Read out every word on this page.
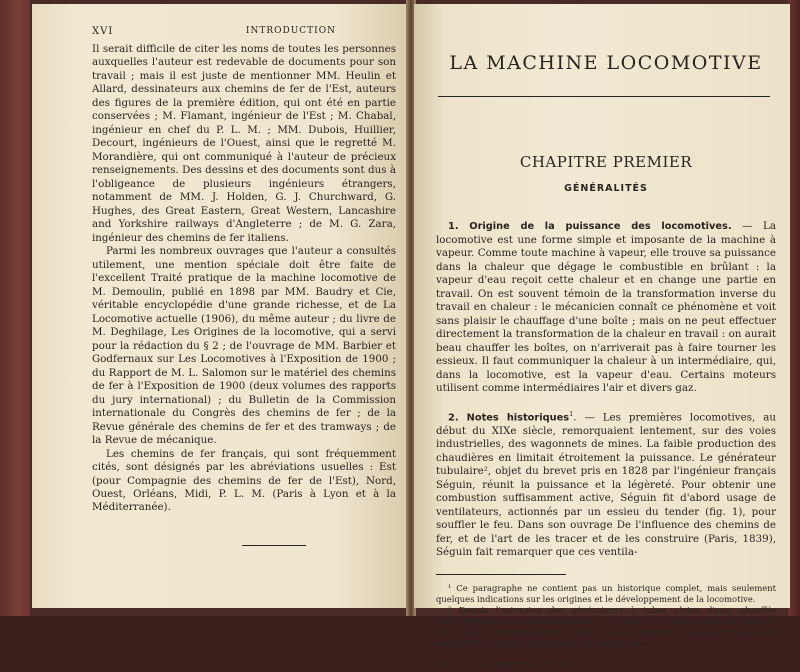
XVI	INTRODUCTION

Il serait difficile de citer les noms de toutes les personnes auxquelles l'auteur est redevable de documents pour son travail ; mais il est juste de mentionner MM. Heulin et Allard, dessinateurs aux chemins de fer de l'Est, auteurs des figures de la première édition, qui ont été en partie conservées ; M. Flamant, ingénieur de l'Est ; M. Chabal, ingénieur en chef du P. L. M. ; MM. Dubois, Huillier, Decourt, ingénieurs de l'Ouest, ainsi que le regretté M. Morandière, qui ont communiqué à l'auteur de précieux renseignements. Des dessins et des documents sont dus à l'obligeance de plusieurs ingénieurs étrangers, notamment de MM. J. Holden, G. J. Churchward, G. Hughes, des Great Eastern, Great Western, Lancashire and Yorkshire railways d'Angleterre ; de M. G. Zara, ingénieur des chemins de fer italiens.

Parmi les nombreux ouvrages que l'auteur a consultés utilement, une mention spéciale doit être faite de l'excellent Traité pratique de la machine locomotive de M. Demoulin, publié en 1898 par MM. Baudry et Cie, véritable encyclopédie d'une grande richesse, et de La Locomotive actuelle (1906), du même auteur ; du livre de M. Deghilage, Les Origines de la locomotive, qui a servi pour la rédaction du § 2 ; de l'ouvrage de MM. Barbier et Godfernaux sur Les Locomotives à l'Exposition de 1900 ; du Rapport de M. L. Salomon sur le matériel des chemins de fer à l'Exposition de 1900 (deux volumes des rapports du jury international) ; du Bulletin de la Commission internationale du Congrès des chemins de fer ; de la Revue générale des chemins de fer et des tramways ; de la Revue de mécanique.

Les chemins de fer français, qui sont fréquemment cités, sont désignés par les abréviations usuelles : Est (pour Compagnie des chemins de fer de l'Est), Nord, Ouest, Orléans, Midi, P. L. M. (Paris à Lyon et à la Méditerranée).

LA MACHINE LOCOMOTIVE
CHAPITRE PREMIER
GÉNÉRALITÉS

1. Origine de la puissance des locomotives. — La locomotive est une forme simple et imposante de la machine à vapeur. Comme toute machine à vapeur, elle trouve sa puissance dans la chaleur que dégage le combustible en brûlant : la vapeur d'eau reçoit cette chaleur et en change une partie en travail. On est souvent témoin de la transformation inverse du travail en chaleur : le mécanicien connaît ce phénomène et voit sans plaisir le chauffage d'une boîte ; mais on ne peut effectuer directement la transformation de la chaleur en travail : on aurait beau chauffer les boîtes, on n'arriverait pas à faire tourner les essieux. Il faut communiquer la chaleur à un intermédiaire, qui, dans la locomotive, est la vapeur d'eau. Certains moteurs utilisent comme intermédiaires l'air et divers gaz.

2. Notes historiques$^1$. — Les premières locomotives, au début du XIXe siècle, remorquaient lentement, sur des voies industrielles, des wagonnets de mines. La faible production des chaudières en limitait étroitement la puissance. Le générateur tubulaire², objet du brevet pris en 1828 par l'ingénieur français Séguin, réunit la puissance et la légèreté. Pour obtenir une combustion suffisamment active, Séguin fit d'abord usage de ventilateurs, actionnés par un essieu du tender (fig. 1), pour souffler le feu. Dans son ouvrage De l'influence des chemins de fer, et de l'art de les tracer et de les construire (Paris, 1839), Séguin fait remarquer que ces ventila-

¹ Ce paragraphe ne contient pas un historique complet, mais seulement quelques indications sur les origines et le développement de la locomotive.

² Depuis l'extension des générateurs à tubes pleins d'eau, chauffés extérieurement, l'expression chaudière tubulaire est devenue ambiguë, et il est préférable de dire chaudière à tubes d'eau et chaudière à tubes de fumée, cette dernière expression s'appliquant aux locomotives.

MACHINE LOCOMOTIVE.	1
